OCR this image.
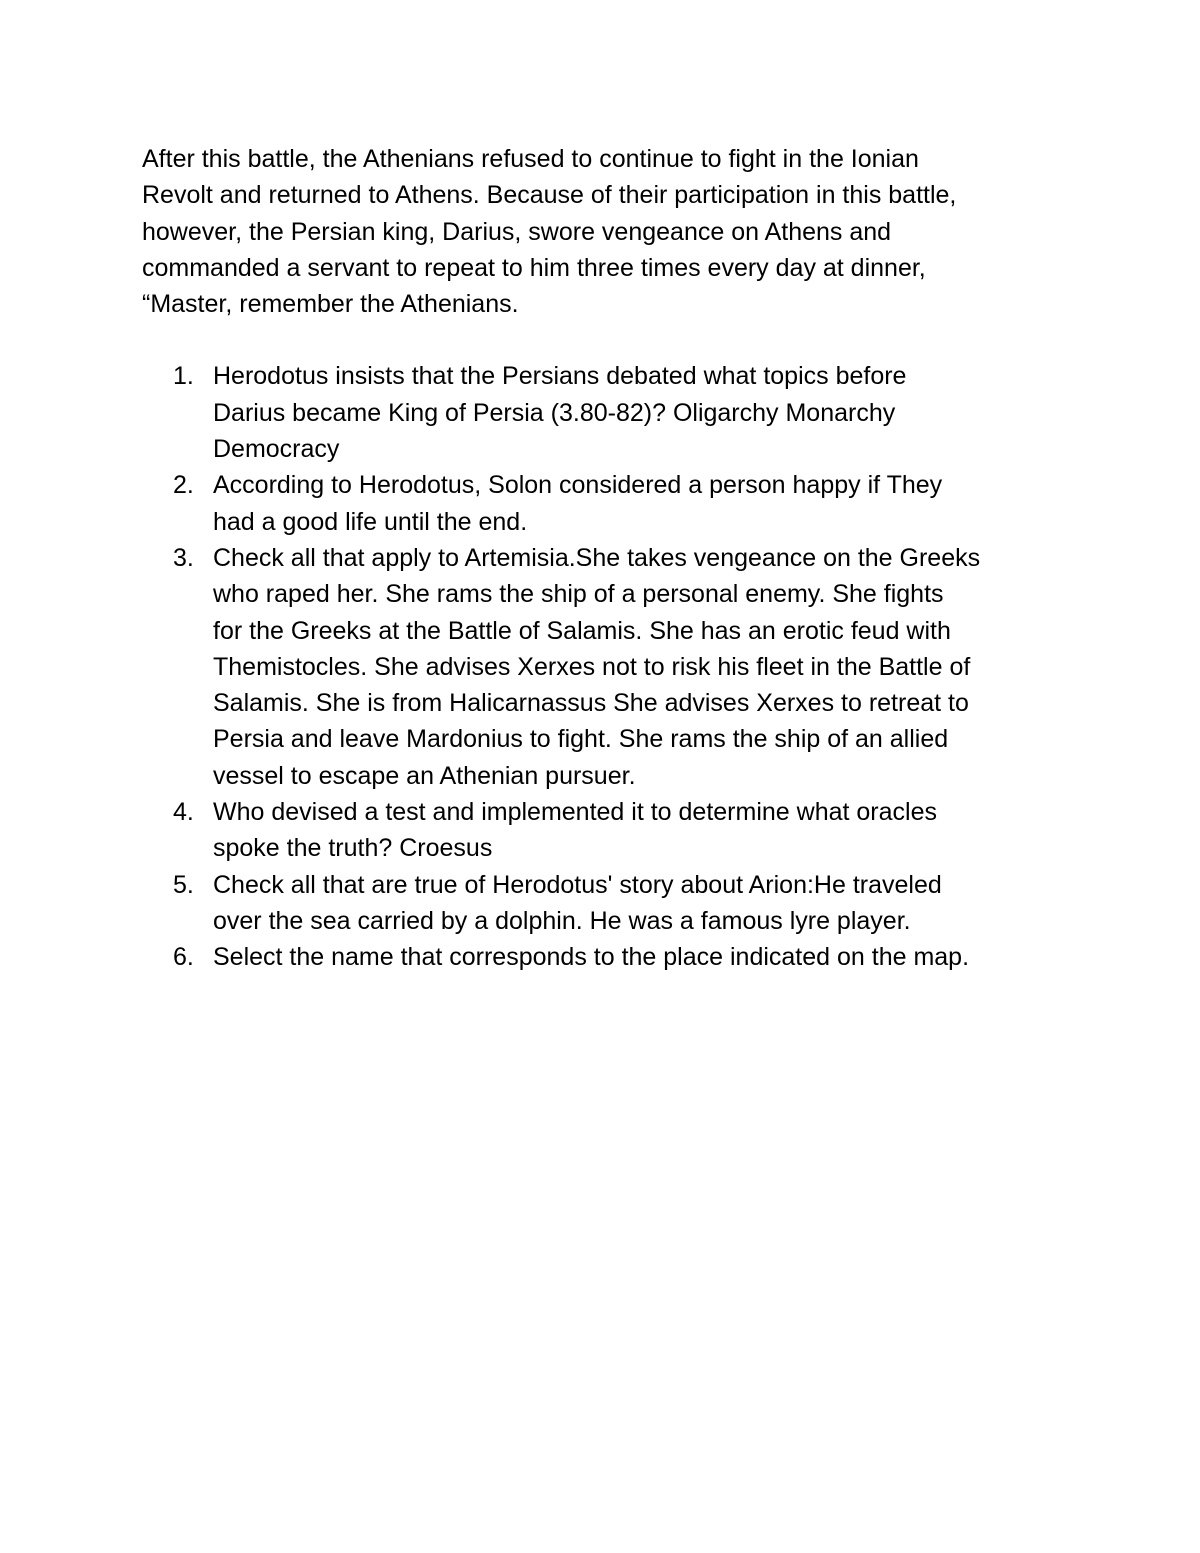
After this battle, the Athenians refused to continue to fight in the Ionian
Revolt and returned to Athens. Because of their participation in this battle,
however, the Persian king, Darius, swore vengeance on Athens and
commanded a servant to repeat to him three times every day at dinner,
“Master, remember the Athenians.

1. Herodotus insists that the Persians debated what topics before
Darius became King of Persia (3.80-82)? Oligarchy Monarchy
Democracy
2. According to Herodotus, Solon considered a person happy if They
had a good life until the end.
3. Check all that apply to Artemisia.She takes vengeance on the Greeks
who raped her. She rams the ship of a personal enemy. She fights
for the Greeks at the Battle of Salamis. She has an erotic feud with
Themistocles. She advises Xerxes not to risk his fleet in the Battle of
Salamis. She is from Halicarnassus She advises Xerxes to retreat to
Persia and leave Mardonius to fight. She rams the ship of an allied
vessel to escape an Athenian pursuer.
4. Who devised a test and implemented it to determine what oracles
spoke the truth? Croesus
5. Check all that are true of Herodotus' story about Arion:He traveled
over the sea carried by a dolphin. He was a famous lyre player.
6. Select the name that corresponds to the place indicated on the map.
